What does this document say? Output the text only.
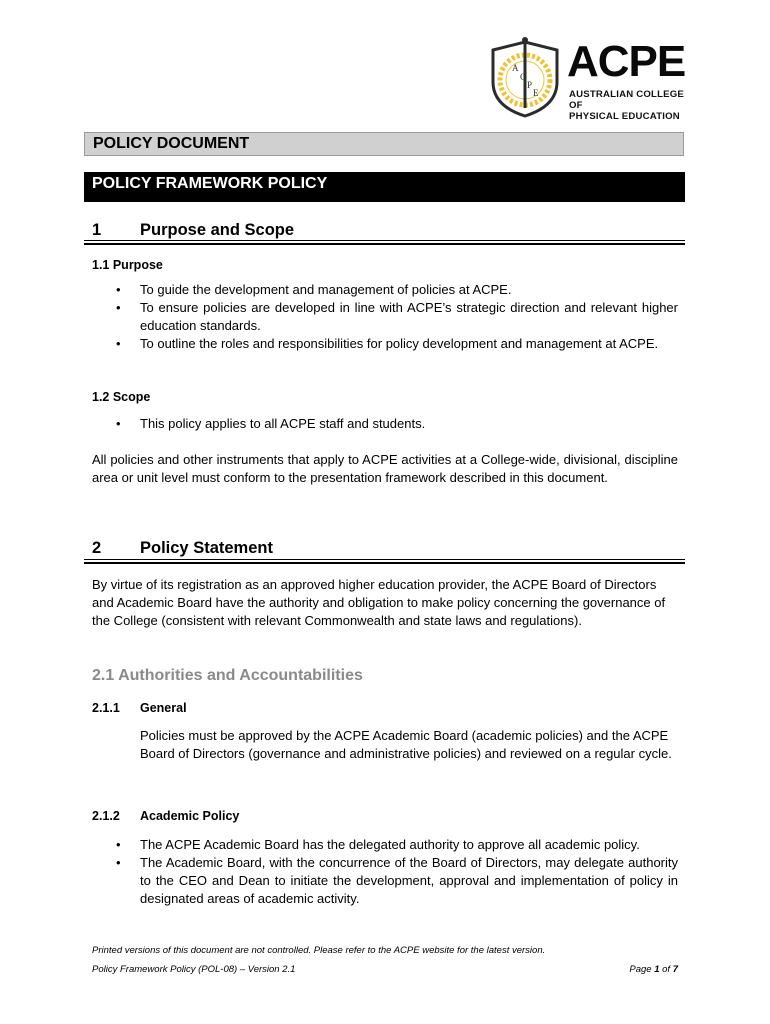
A
C
P
E
ACPE
AUSTRALIAN COLLEGE OF
PHYSICAL EDUCATION
POLICY DOCUMENT
POLICY FRAMEWORK POLICY
1 Purpose and Scope
1.1 Purpose
• To guide the development and management of policies at ACPE.
• To ensure policies are developed in line with ACPE’s strategic direction and relevant higher education standards.
• To outline the roles and responsibilities for policy development and management at ACPE.
1.2 Scope
• This policy applies to all ACPE staff and students.
All policies and other instruments that apply to ACPE activities at a College-wide, divisional, discipline area or unit level must conform to the presentation framework described in this document.
2 Policy Statement
By virtue of its registration as an approved higher education provider, the ACPE Board of Directors and Academic Board have the authority and obligation to make policy concerning the governance of the College (consistent with relevant Commonwealth and state laws and regulations).
2.1 Authorities and Accountabilities
2.1.1 General
Policies must be approved by the ACPE Academic Board (academic policies) and the ACPE Board of Directors (governance and administrative policies) and reviewed on a regular cycle.
2.1.2 Academic Policy
• The ACPE Academic Board has the delegated authority to approve all academic policy.
• The Academic Board, with the concurrence of the Board of Directors, may delegate authority to the CEO and Dean to initiate the development, approval and implementation of policy in designated areas of academic activity.
Printed versions of this document are not controlled. Please refer to the ACPE website for the latest version.
Policy Framework Policy (POL-08) – Version 2.1	Page 1 of 7
